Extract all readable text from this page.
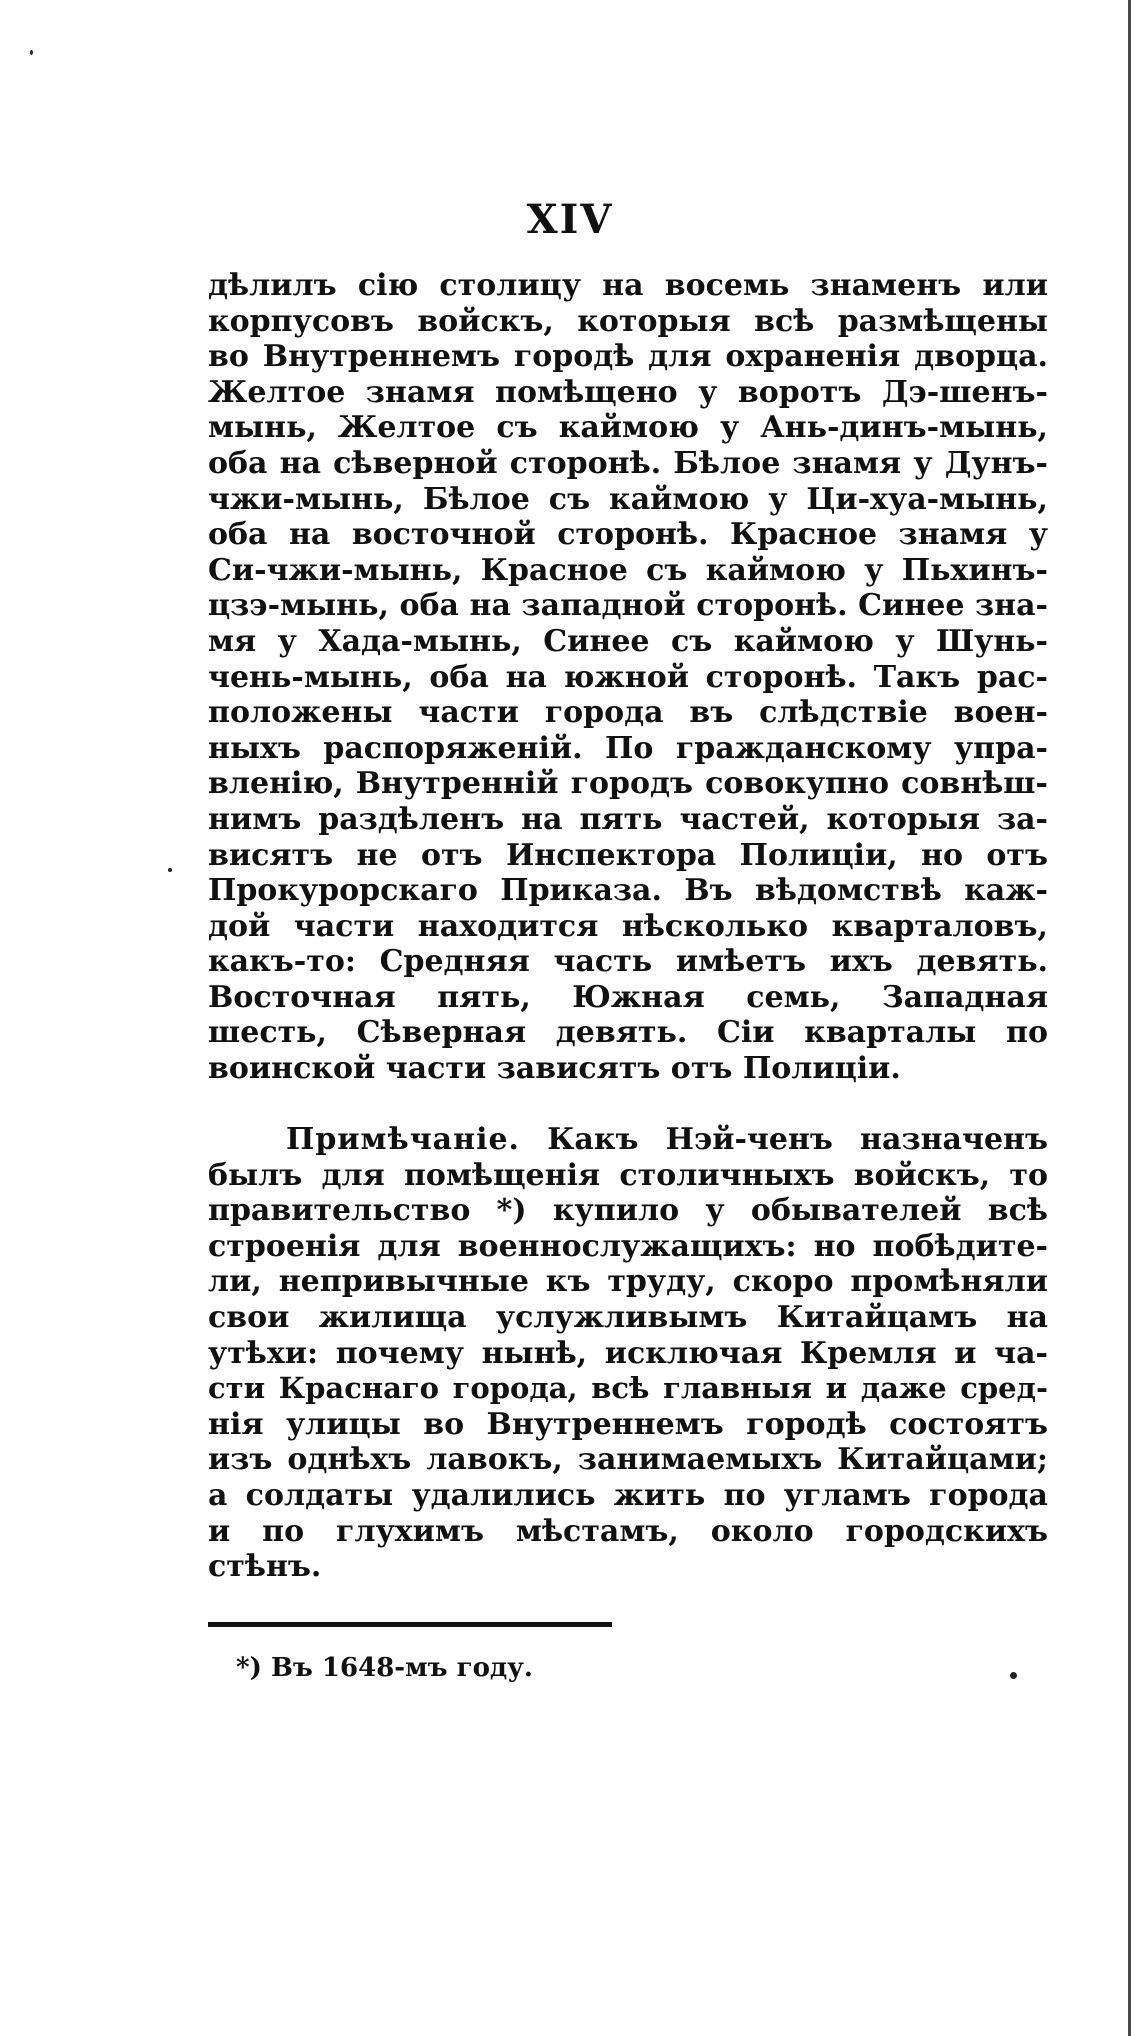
XIV
дѣлилъ сію столицу на восемь знаменъ или
корпусовъ войскъ, которыя всѣ размѣщены
во Внутреннемъ городѣ для охраненія дворца.
Желтое знамя помѣщено у воротъ Дэ-шенъ-
мынь, Желтое съ каймою у Ань-динъ-мынь,
оба на сѣверной сторонѣ. Бѣлое знамя у Дунъ-
чжи-мынь, Бѣлое съ каймою у Ци-хуа-мынь,
оба на восточной сторонѣ. Красное знамя у
Си-чжи-мынь, Красное съ каймою у Пьхинъ-
цзэ-мынь, оба на западной сторонѣ. Синее зна-
мя у Хада-мынь, Синее съ каймою у Шунь-
чень-мынь, оба на южной сторонѣ. Такъ рас-
положены части города въ слѣдствіе воен-
ныхъ распоряженій. По гражданскому упра-
вленію, Внутренній городъ совокупно совнѣш-
нимъ раздѣленъ на пять частей, которыя за-
висятъ не отъ Инспектора Полиціи, но отъ
Прокурорскаго Приказа. Въ вѣдомствѣ каж-
дой части находится нѣсколько кварталовъ,
какъ-то: Средняя часть имѣетъ ихъ девять.
Восточная пять, Южная семь, Западная
шесть, Сѣверная девять. Сіи кварталы по
воинской части зависятъ отъ Полиціи.
Примѣчаніе. Какъ Нэй-ченъ назначенъ
былъ для помѣщенія столичныхъ войскъ, то
правительство *) купило у обывателей всѣ
строенія для военнослужащихъ: но побѣдите-
ли, непривычные къ труду, скоро промѣняли
свои жилища услужливымъ Китайцамъ на
утѣхи: почему нынѣ, исключая Кремля и ча-
сти Краснаго города, всѣ главныя и даже сред-
нія улицы во Внутреннемъ городѣ состоятъ
изъ однѣхъ лавокъ, занимаемыхъ Китайцами;
а солдаты удалились жить по угламъ города
и по глухимъ мѣстамъ, около городскихъ
стѣнъ.
*) Въ 1648-мъ году.
